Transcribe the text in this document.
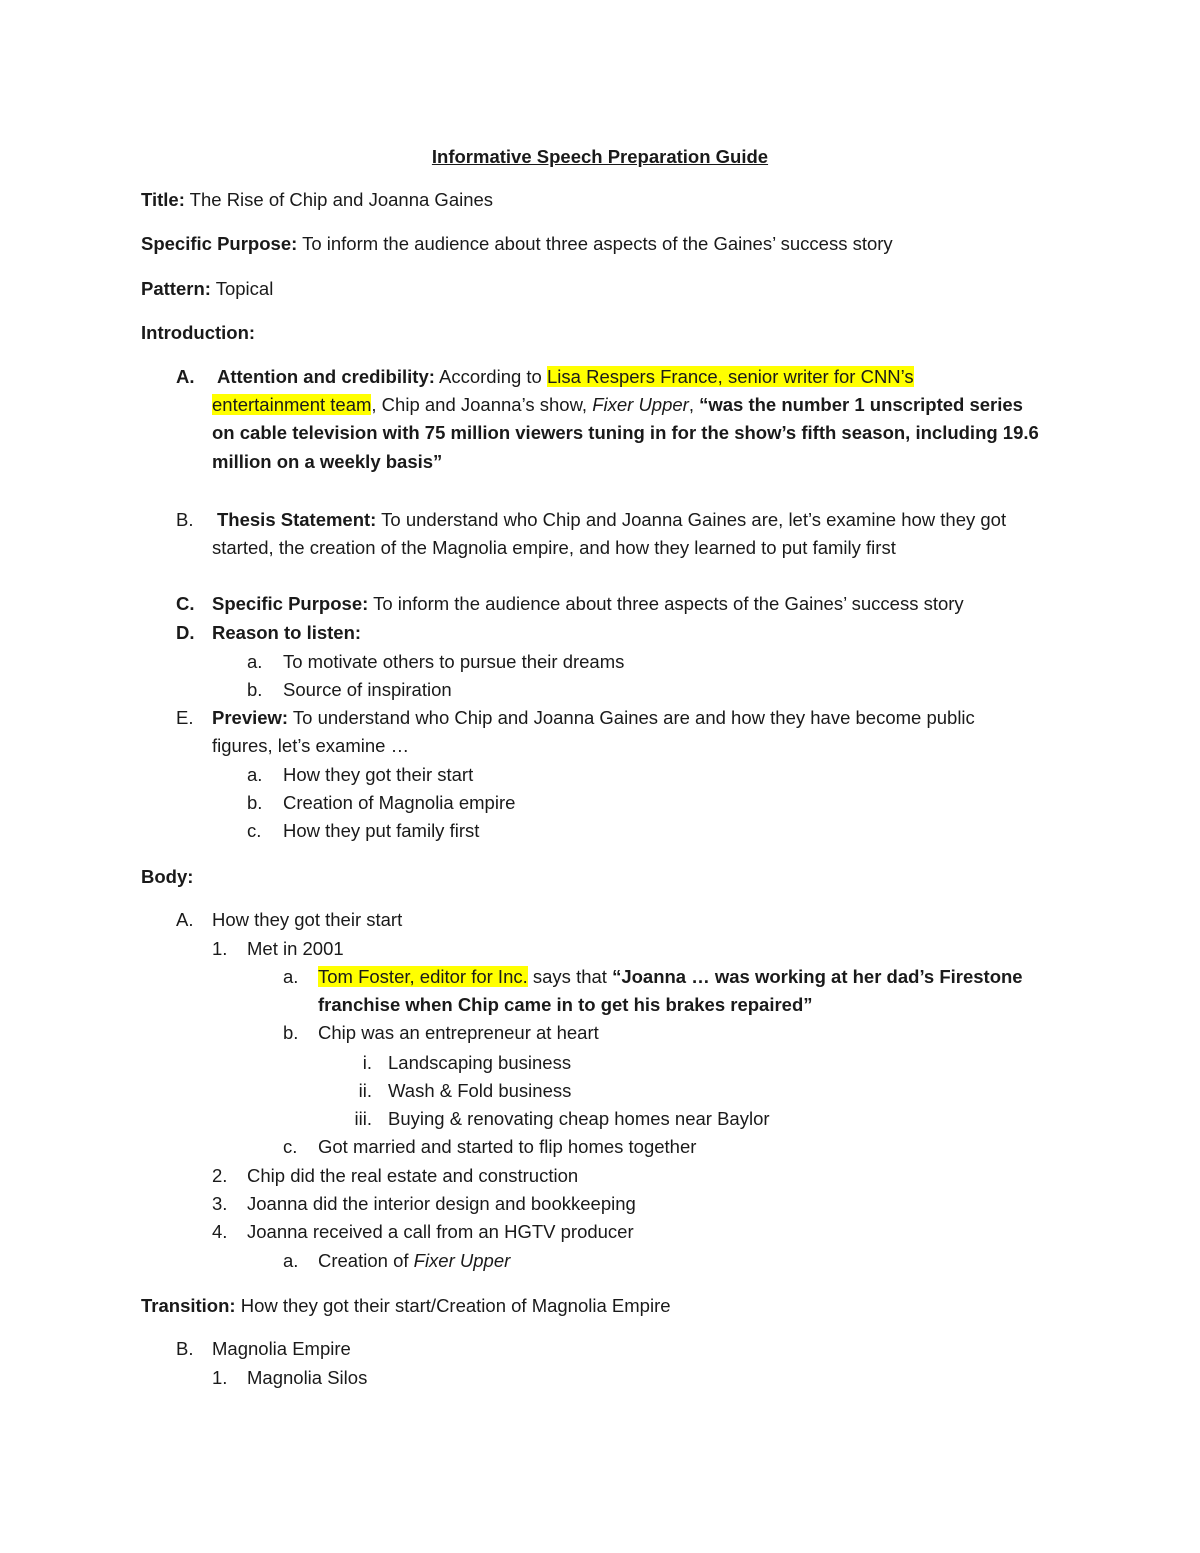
Informative Speech Preparation Guide
Title: The Rise of Chip and Joanna Gaines
Specific Purpose: To inform the audience about three aspects of the Gaines’ success story
Pattern: Topical
Introduction:
A. Attention and credibility: According to Lisa Respers France, senior writer for CNN’s
entertainment team, Chip and Joanna’s show, Fixer Upper, “was the number 1 unscripted series
on cable television with 75 million viewers tuning in for the show’s fifth season, including 19.6
million on a weekly basis”
B. Thesis Statement: To understand who Chip and Joanna Gaines are, let’s examine how they got
started, the creation of the Magnolia empire, and how they learned to put family first
C. Specific Purpose: To inform the audience about three aspects of the Gaines’ success story
D. Reason to listen:
a. To motivate others to pursue their dreams
b. Source of inspiration
E. Preview: To understand who Chip and Joanna Gaines are and how they have become public
figures, let’s examine …
a. How they got their start
b. Creation of Magnolia empire
c. How they put family first
Body:
A. How they got their start
1. Met in 2001
a. Tom Foster, editor for Inc. says that “Joanna … was working at her dad’s Firestone
franchise when Chip came in to get his brakes repaired”
b. Chip was an entrepreneur at heart
i. Landscaping business
ii. Wash & Fold business
iii. Buying & renovating cheap homes near Baylor
c. Got married and started to flip homes together
2. Chip did the real estate and construction
3. Joanna did the interior design and bookkeeping
4. Joanna received a call from an HGTV producer
a. Creation of Fixer Upper
Transition: How they got their start/Creation of Magnolia Empire
B. Magnolia Empire
1. Magnolia Silos
